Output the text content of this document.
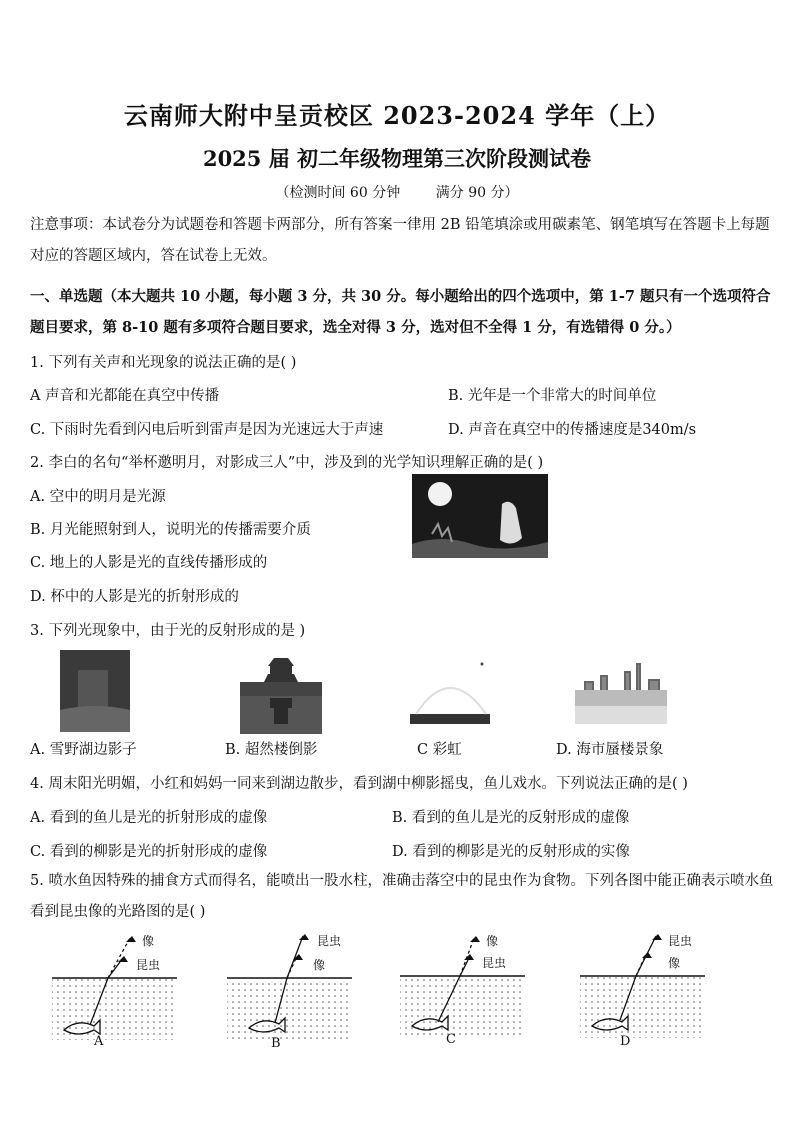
云南师大附中呈贡校区 2023-2024 学年（上）
2025 届 初二年级物理第三次阶段测试卷
（检测时间 60 分钟        满分 90 分）
注意事项：本试卷分为试题卷和答题卡两部分，所有答案一律用 2B 铅笔填涂或用碳素笔、钢笔填写在答题卡上每题对应的答题区域内，答在试卷上无效。
一、单选题（本大题共 10 小题，每小题 3 分，共 30 分。每小题给出的四个选项中，第 1-7 题只有一个选项符合题目要求，第 8-10 题有多项符合题目要求，选全对得 3 分，选对但不全得 1 分，有选错得 0 分。）
1. 下列有关声和光现象的说法正确的是( )
A 声音和光都能在真空中传播	B. 光年是一个非常大的时间单位
C. 下雨时先看到闪电后听到雷声是因为光速远大于声速	D. 声音在真空中的传播速度是340m/s
2. 李白的名句“举杯邀明月，对影成三人”中，涉及到的光学知识理解正确的是( )
A. 空中的明月是光源
B. 月光能照射到人，说明光的传播需要介质
C. 地上的人影是光的直线传播形成的
D. 杯中的人影是光的折射形成的
3. 下列光现象中，由于光的反射形成的是 )
A. 雪野湖边影子	B. 超然楼倒影	C 彩虹	D. 海市蜃楼景象
4. 周末阳光明媚，小红和妈妈一同来到湖边散步，看到湖中柳影摇曳，鱼儿戏水。下列说法正确的是( )
A. 看到的鱼儿是光的折射形成的虚像	B. 看到的鱼儿是光的反射形成的虚像
C. 看到的柳影是光的折射形成的虚像	D. 看到的柳影是光的反射形成的实像
5. 喷水鱼因特殊的捕食方式而得名，能喷出一股水柱，准确击落空中的昆虫作为食物。下列各图中能正确表示喷水鱼看到昆虫像的光路图的是( )
像
昆虫
A
昆虫
像
B
像
昆虫
C
昆虫
像
D
